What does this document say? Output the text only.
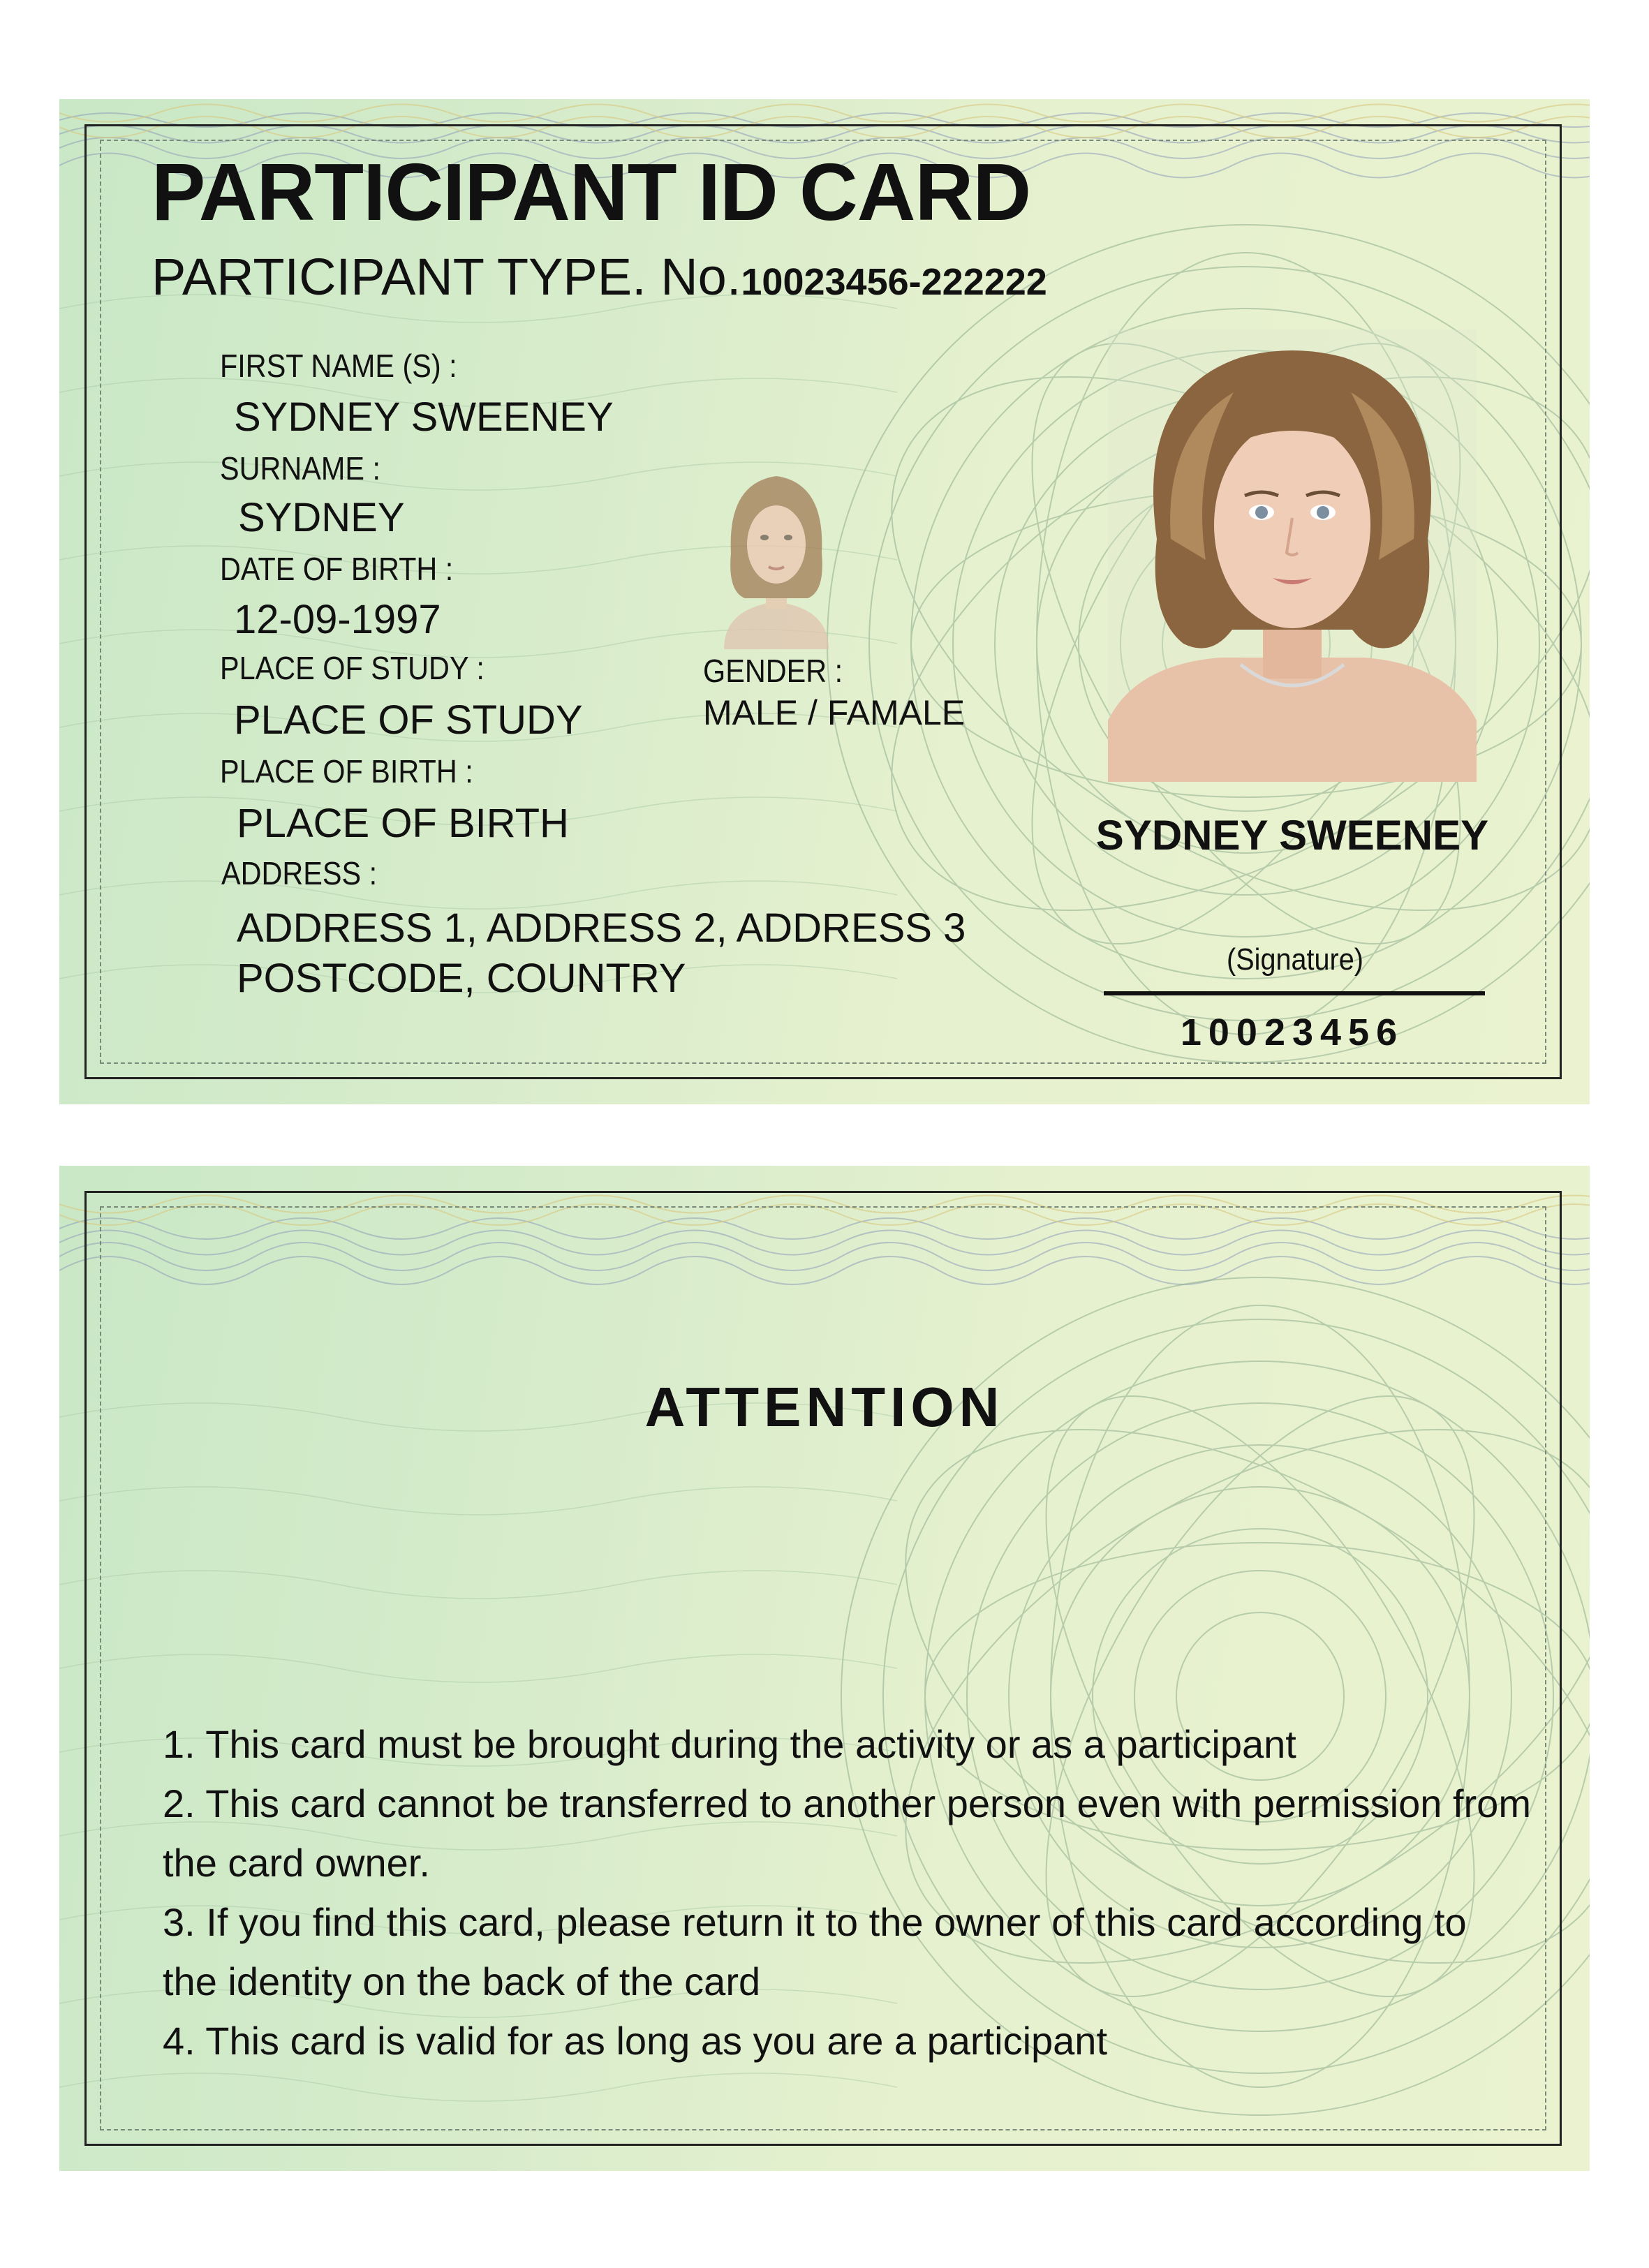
PARTICIPANT ID CARD
PARTICIPANT TYPE. No.10023456-222222
FIRST NAME (S) :
SYDNEY SWEENEY
SURNAME :
SYDNEY
DATE OF BIRTH :
12-09-1997
PLACE OF STUDY :
PLACE OF STUDY
PLACE OF BIRTH :
PLACE OF BIRTH
ADDRESS :
ADDRESS 1, ADDRESS 2, ADDRESS 3
POSTCODE, COUNTRY
GENDER :
MALE / FAMALE
SYDNEY SWEENEY
(Signature)
10023456
ATTENTION
1. This card must be brought during the activity or as a participant
2. This card cannot be transferred to another person even with permission from the card owner.
3. If you find this card, please return it to the owner of this card according to the identity on the back of the card
4. This card is valid for as long as you are a participant
